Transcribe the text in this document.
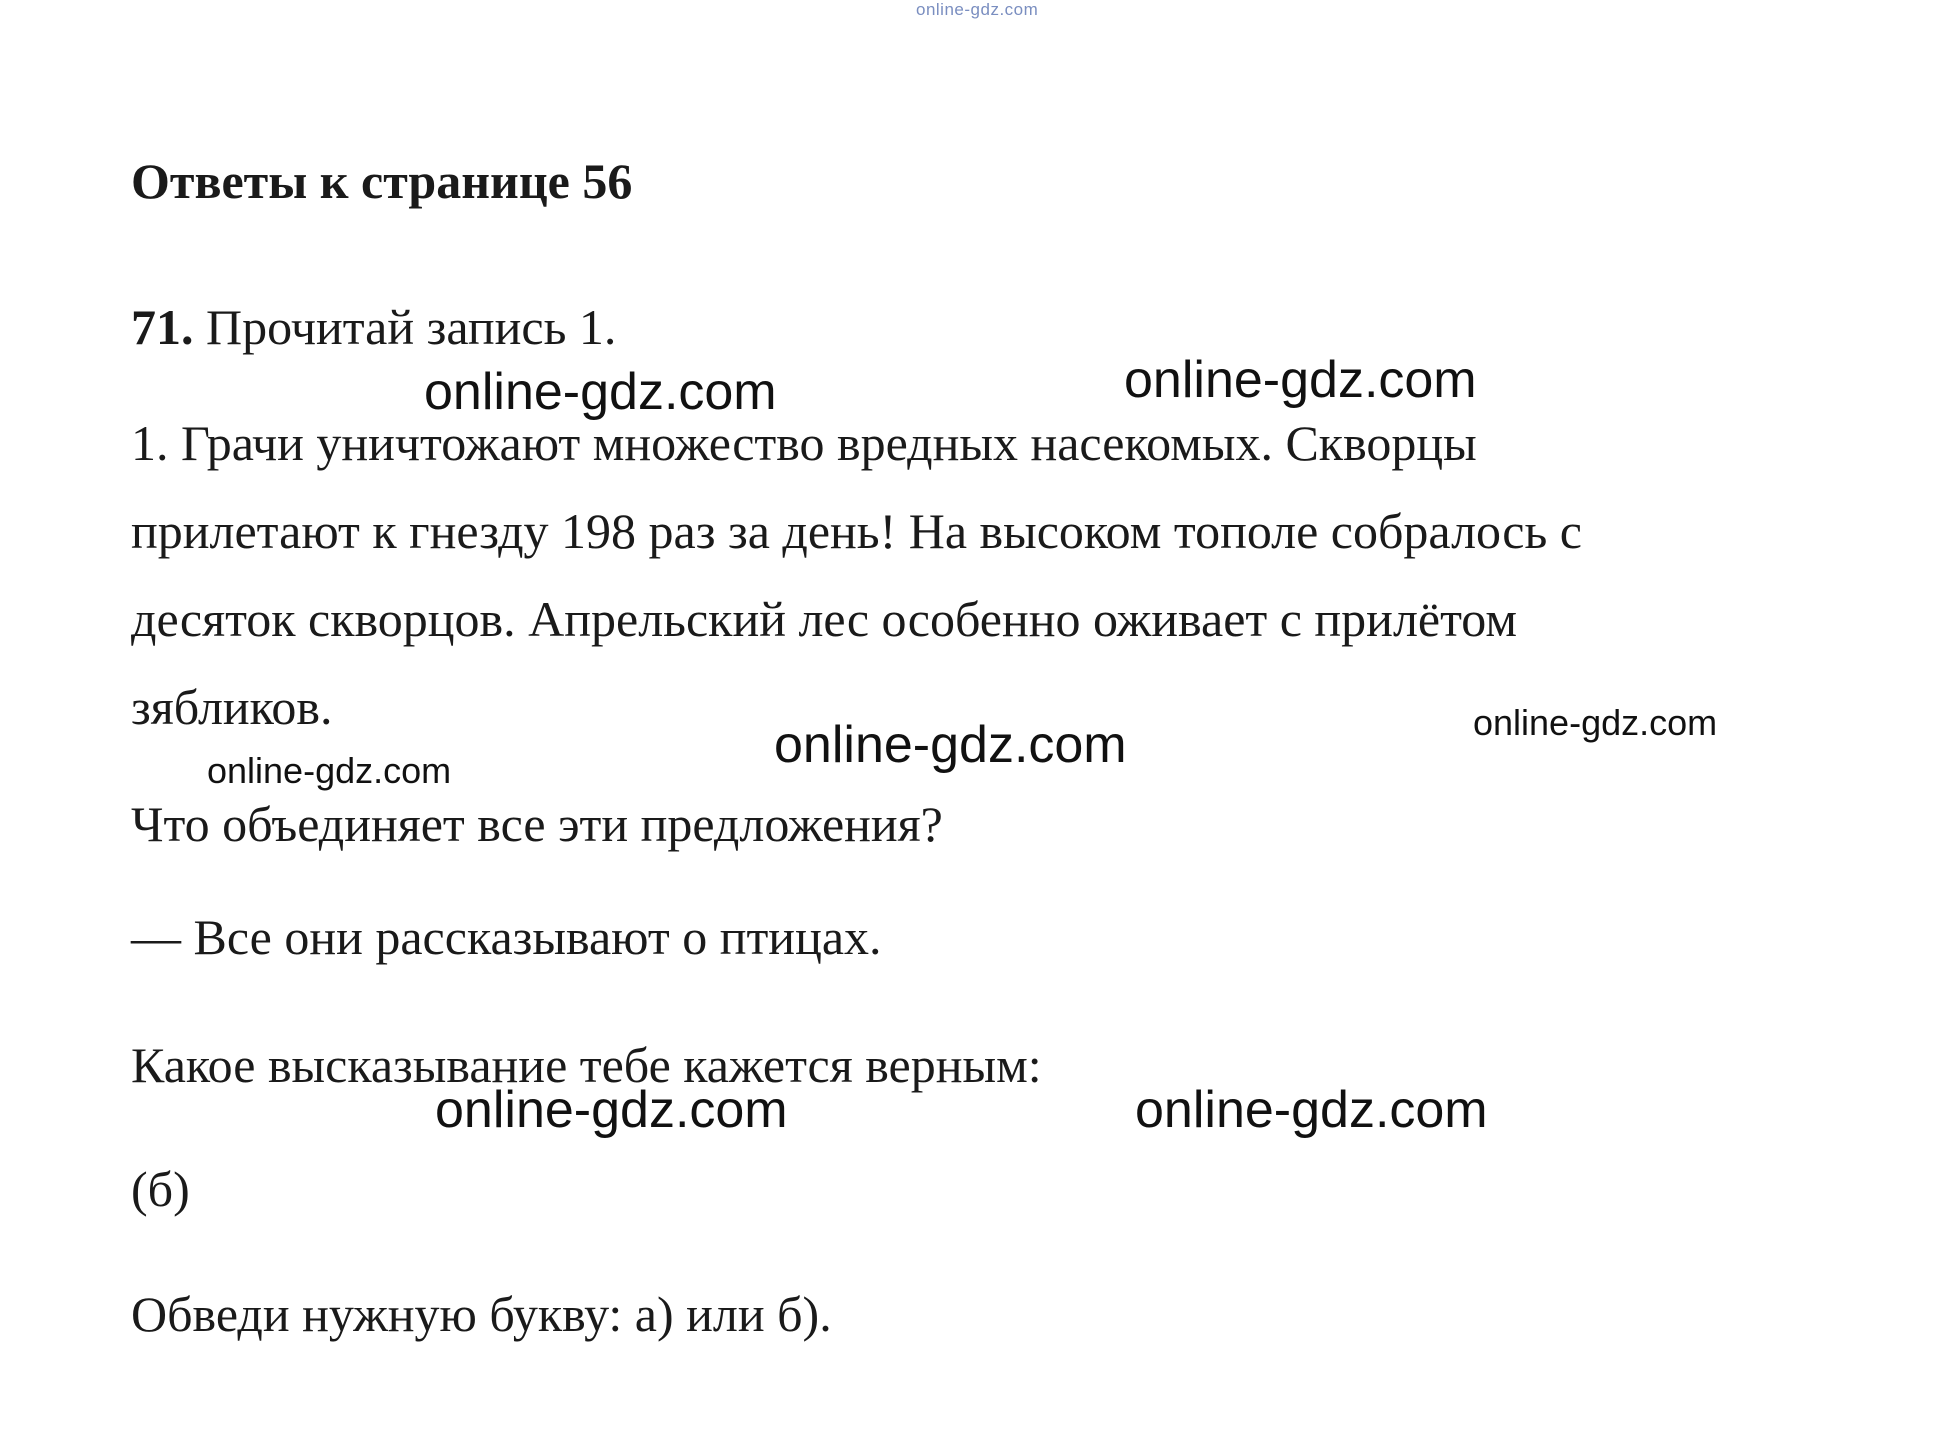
online-gdz.com
Ответы к странице 56
71. Прочитай запись 1.
1. Грачи уничтожают множество вредных насекомых. Скворцы
прилетают к гнезду 198 раз за день! На высоком тополе собралось с
десяток скворцов. Апрельский лес особенно оживает с прилётом
зябликов.
Что объединяет все эти предложения?
— Все они рассказывают о птицах.
Какое высказывание тебе кажется верным:
(б)
Обведи нужную букву: а) или б).
online-gdz.com	online-gdz.com
online-gdz.com
online-gdz.com
online-gdz.com
online-gdz.com	online-gdz.com
